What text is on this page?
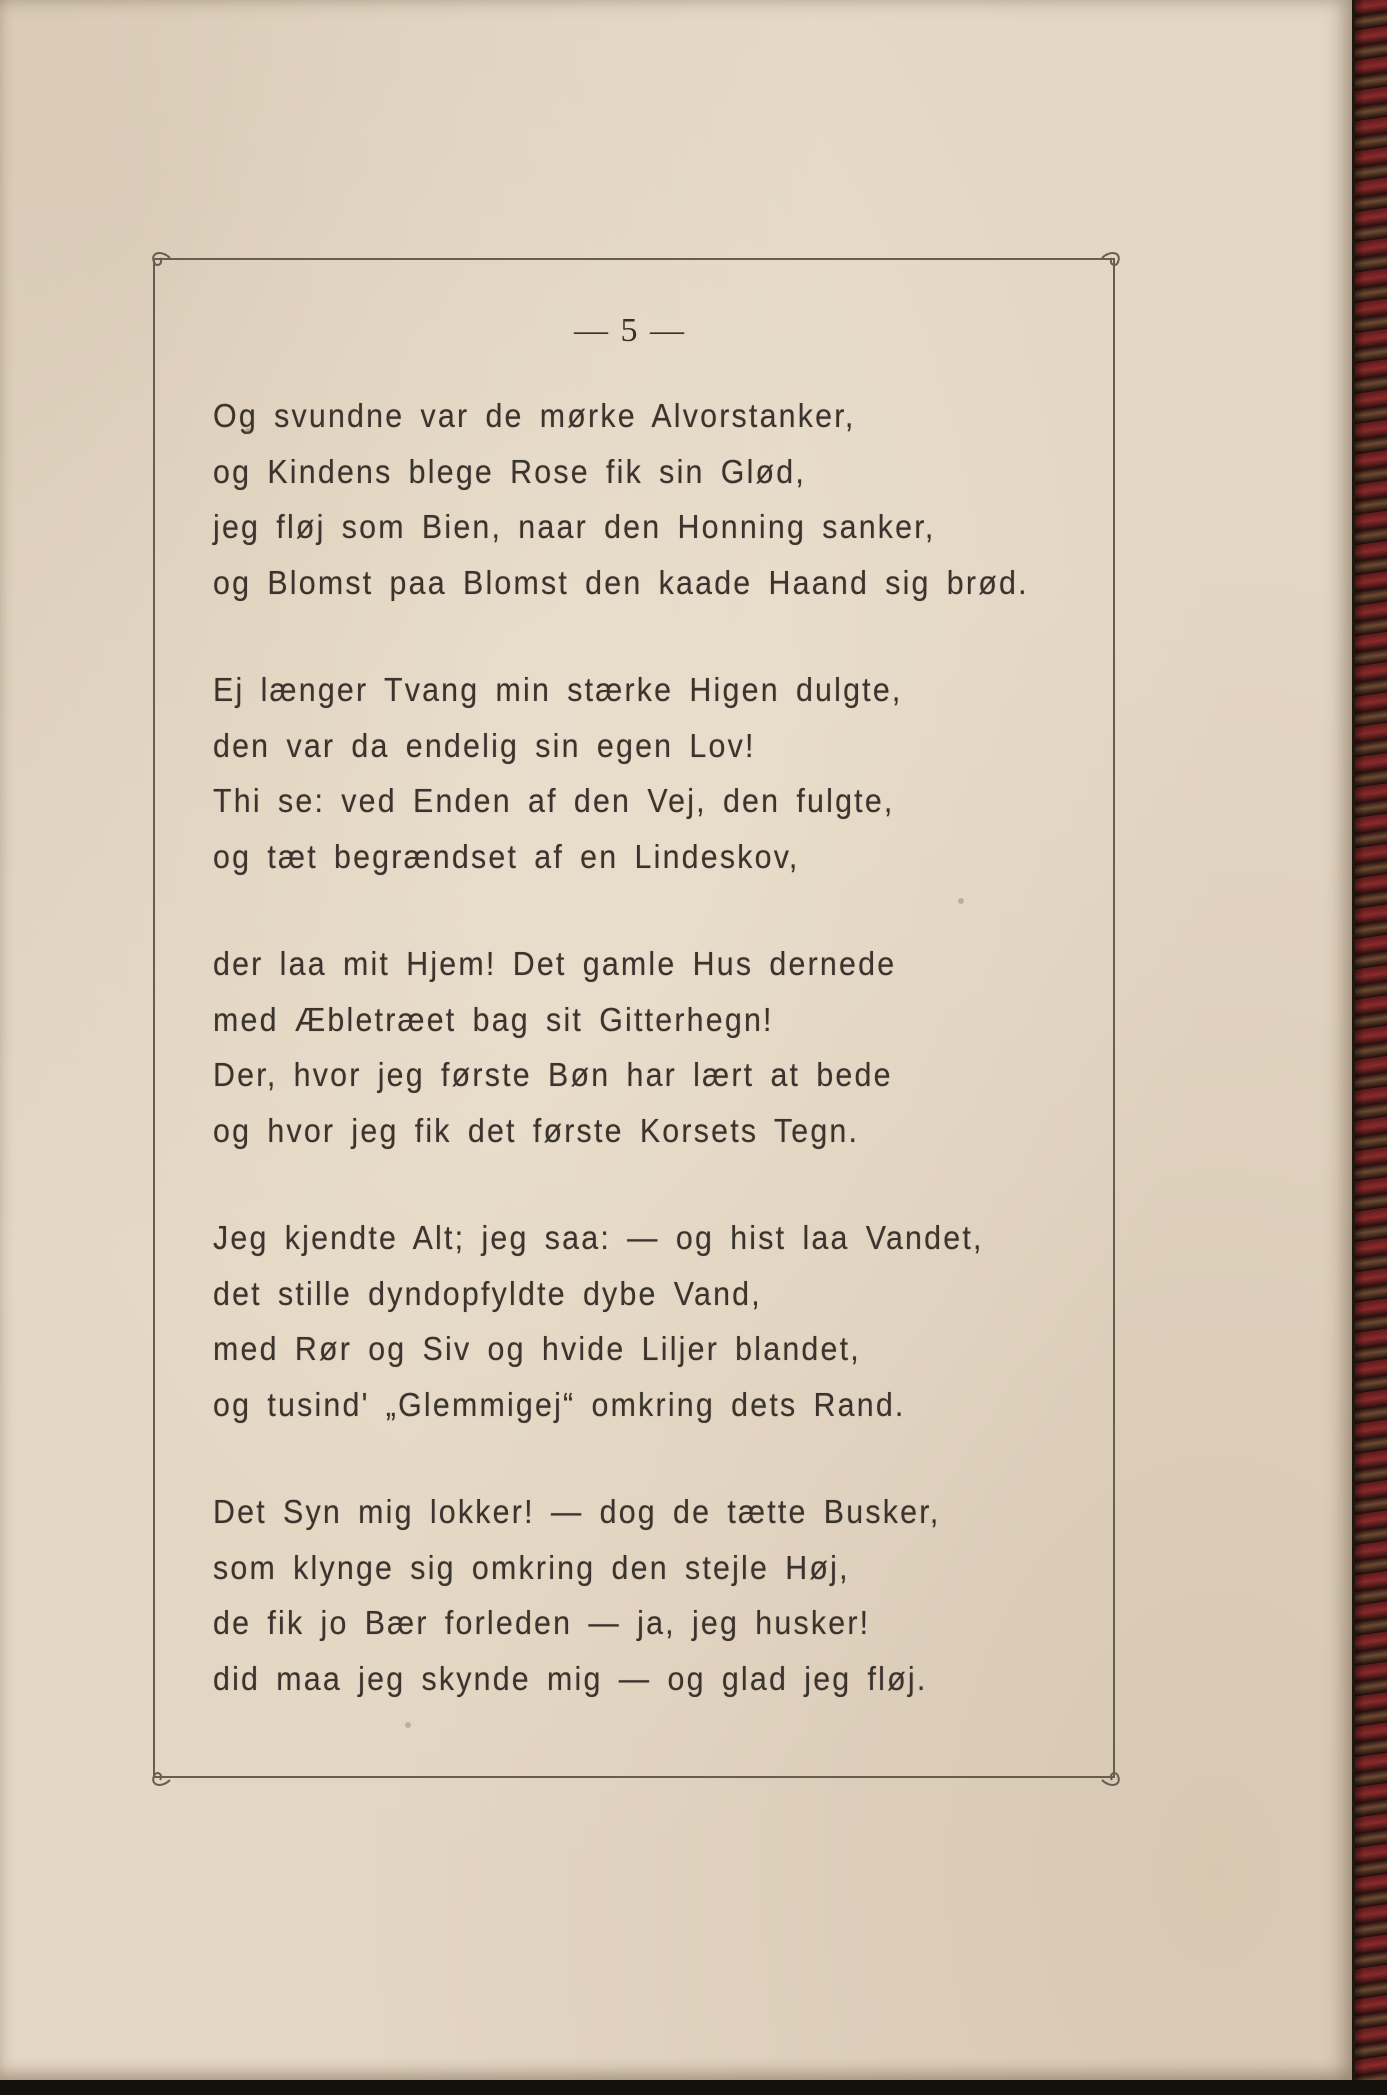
— 5 —
Og svundne var de mørke Alvorstanker,
og Kindens blege Rose fik sin Glød,
jeg fløj som Bien, naar den Honning sanker,
og Blomst paa Blomst den kaade Haand sig brød.
Ej længer Tvang min stærke Higen dulgte,
den var da endelig sin egen Lov!
Thi se: ved Enden af den Vej, den fulgte,
og tæt begrændset af en Lindeskov,
der laa mit Hjem! Det gamle Hus dernede
med Æbletræet bag sit Gitterhegn!
Der, hvor jeg første Bøn har lært at bede
og hvor jeg fik det første Korsets Tegn.
Jeg kjendte Alt; jeg saa: — og hist laa Vandet,
det stille dyndopfyldte dybe Vand,
med Rør og Siv og hvide Liljer blandet,
og tusind' „Glemmigej“ omkring dets Rand.
Det Syn mig lokker! — dog de tætte Busker,
som klynge sig omkring den stejle Høj,
de fik jo Bær forleden — ja, jeg husker!
did maa jeg skynde mig — og glad jeg fløj.
